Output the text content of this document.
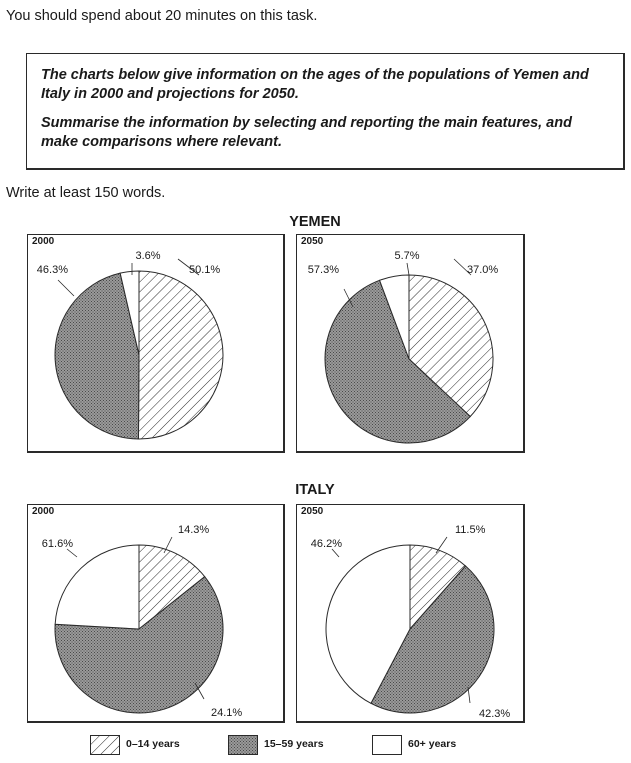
You should spend about 20 minutes on this task.

The charts below give information on the ages of the populations of Yemen and Italy in 2000 and projections for 2050.

Summarise the information by selecting and reporting the main features, and make comparisons where relevant.

Write at least 150 words.
YEMEN
ITALY
50.1%
46.3%
3.6%
2000
37.0%
57.3%
5.7%
2050
14.3%
61.6%
24.1%
2000
11.5%
46.2%
42.3%
2050
0–14 years	15–59 years	60+ years
